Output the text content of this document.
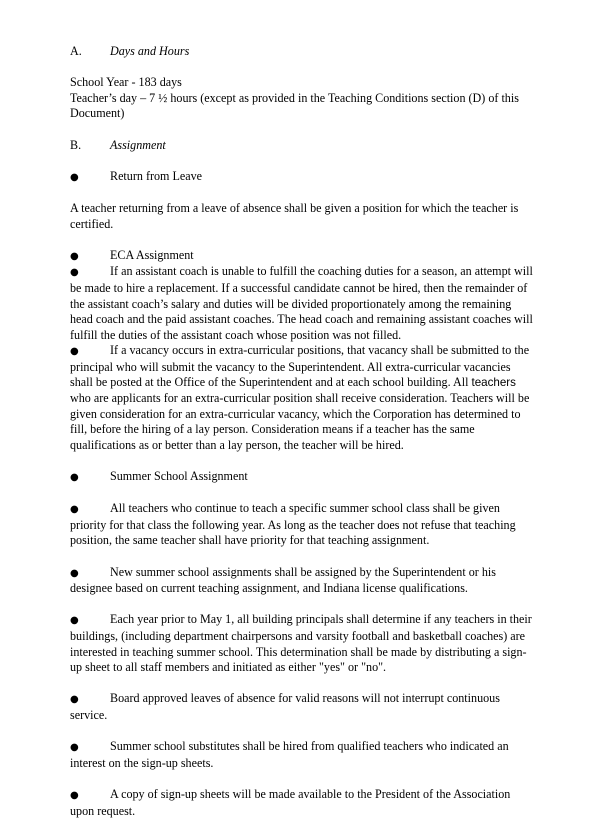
A. Days and Hours

School Year - 183 days

Teacher’s day – 7 ½ hours (except as provided in the Teaching Conditions section (D) of this Document)

B. Assignment

●	Return from Leave

A teacher returning from a leave of absence shall be given a position for which the teacher is certified.

●	ECA Assignment

●	If an assistant coach is unable to fulfill the coaching duties for a season, an attempt will be made to hire a replacement. If a successful candidate cannot be hired, then the remainder of the assistant coach’s salary and duties will be divided proportionately among the remaining head coach and the paid assistant coaches. The head coach and remaining assistant coaches will fulfill the duties of the assistant coach whose position was not filled.

●	If a vacancy occurs in extra-curricular positions, that vacancy shall be submitted to the principal who will submit the vacancy to the Superintendent. All extra-curricular vacancies shall be posted at the Office of the Superintendent and at each school building. All teachers who are applicants for an extra-curricular position shall receive consideration. Teachers will be given consideration for an extra-curricular vacancy, which the Corporation has determined to fill, before the hiring of a lay person. Consideration means if a teacher has the same qualifications as or better than a lay person, the teacher will be hired.

●	Summer School Assignment

●	All teachers who continue to teach a specific summer school class shall be given priority for that class the following year. As long as the teacher does not refuse that teaching position, the same teacher shall have priority for that teaching assignment.

●	New summer school assignments shall be assigned by the Superintendent or his designee based on current teaching assignment, and Indiana license qualifications.

●	Each year prior to May 1, all building principals shall determine if any teachers in their buildings, (including department chairpersons and varsity football and basketball coaches) are interested in teaching summer school. This determination shall be made by distributing a sign-up sheet to all staff members and initiated as either "yes" or "no".

●	Board approved leaves of absence for valid reasons will not interrupt continuous service.

●	Summer school substitutes shall be hired from qualified teachers who indicated an interest on the sign-up sheets.

●	A copy of sign-up sheets will be made available to the President of the Association upon request.
